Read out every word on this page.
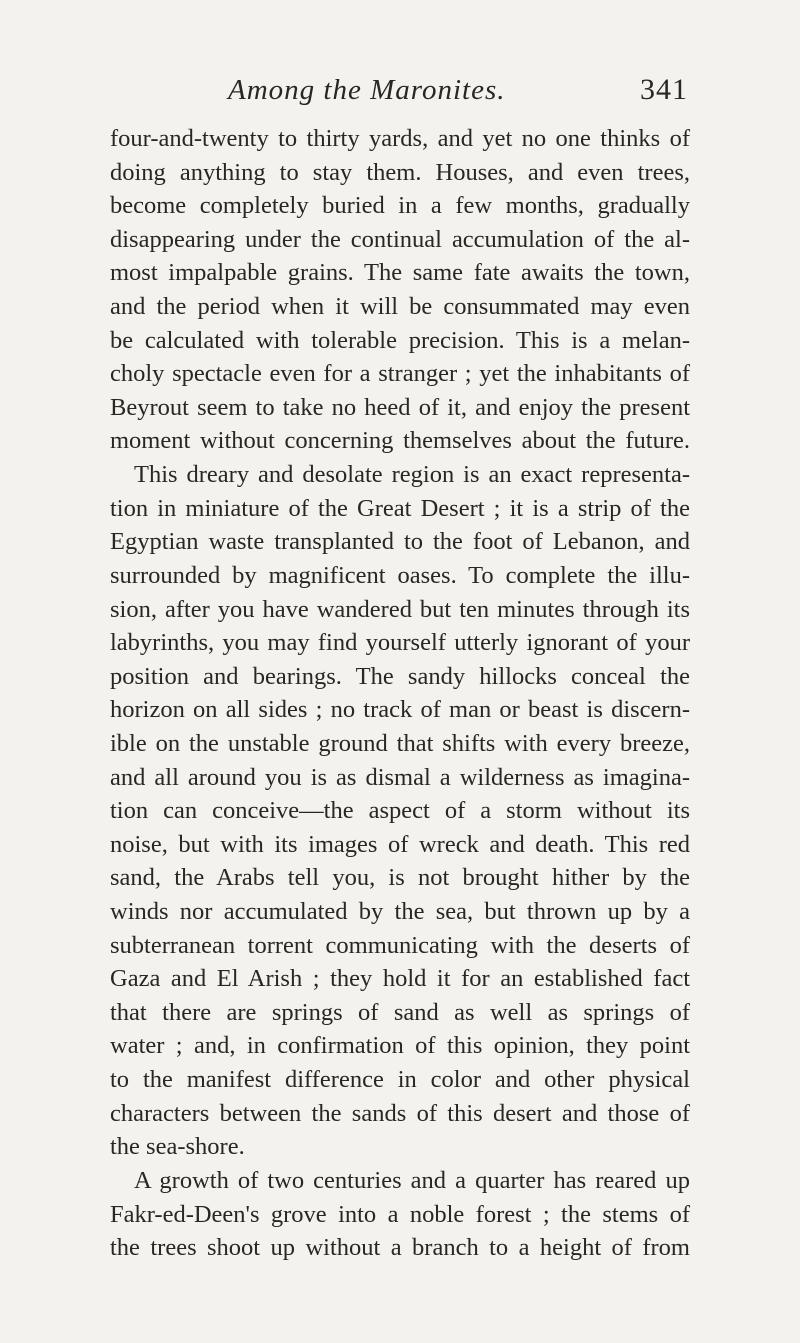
Among the Maronites.	341
four-and-twenty to thirty yards, and yet no one thinks of
doing anything to stay them. Houses, and even trees,
become completely buried in a few months, gradually
disappearing under the continual accumulation of the al-
most impalpable grains. The same fate awaits the town,
and the period when it will be consummated may even
be calculated with tolerable precision. This is a melan-
choly spectacle even for a stranger ; yet the inhabitants of
Beyrout seem to take no heed of it, and enjoy the present
moment without concerning themselves about the future.
This dreary and desolate region is an exact representa-
tion in miniature of the Great Desert ; it is a strip of the
Egyptian waste transplanted to the foot of Lebanon, and
surrounded by magnificent oases. To complete the illu-
sion, after you have wandered but ten minutes through its
labyrinths, you may find yourself utterly ignorant of your
position and bearings. The sandy hillocks conceal the
horizon on all sides ; no track of man or beast is discern-
ible on the unstable ground that shifts with every breeze,
and all around you is as dismal a wilderness as imagina-
tion can conceive—the aspect of a storm without its
noise, but with its images of wreck and death. This red
sand, the Arabs tell you, is not brought hither by the
winds nor accumulated by the sea, but thrown up by a
subterranean torrent communicating with the deserts of
Gaza and El Arish ; they hold it for an established fact
that there are springs of sand as well as springs of
water ; and, in confirmation of this opinion, they point
to the manifest difference in color and other physical
characters between the sands of this desert and those of
the sea-shore.
A growth of two centuries and a quarter has reared up
Fakr-ed-Deen's grove into a noble forest ; the stems of
the trees shoot up without a branch to a height of from
